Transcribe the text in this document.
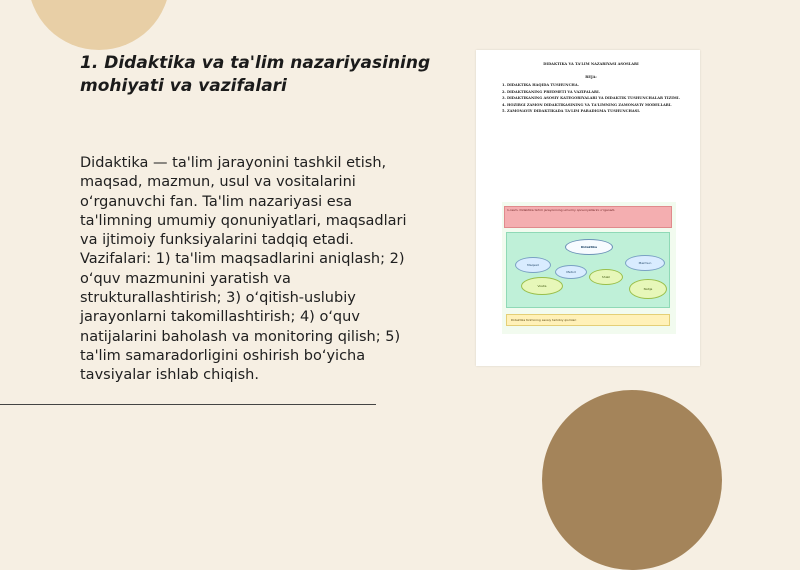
1. Didaktika va ta'lim nazariyasining mohiyati va vazifalari

Didaktika — ta'lim jarayonini tashkil etish, maqsad, mazmun, usul va vositalarini o‘rganuvchi fan. Ta'lim nazariyasi esa ta'limning umumiy qonuniyatlari, maqsadlari va ijtimoiy funksiyalarini tadqiq etadi. Vazifalari: 1) ta'lim maqsadlarini aniqlash; 2) o‘quv mazmunini yaratish va strukturallashtirish; 3) o‘qitish-uslubiy jarayonlarni takomillashtirish; 4) o‘quv natijalarini baholash va monitoring qilish; 5) ta'lim samaradorligini oshirish bo‘yicha tavsiyalar ishlab chiqish.

DIDAKTIKA VA TA'LIM NAZARIYASI ASOSLARI
REJA:
1. DIDAKTIKA HAQIDA TUSHUNCHA.
2. DIDAKTIKANING PREDMETI VA VAZIFALARI.
3. DIDAKTIKANING ASOSIY KATEGORIYALARI VA DIDAKTIK TUSHUNCHALAR TIZIMI.
4. HOZIRGI ZAMON DIDAKTIKASINING VA TA'LIMNING ZAMONAVIY MODELLARI.
5. ZAMONAVIY DIDAKTIKADA TA'LIM PARADIGMA TUSHUNCHASI.
1-rasm. Didaktika ta'lim jarayonining umumiy qonuniyatlarini o'rganadi.
Didaktika
Maqsad	Mazmun
Metod
Vosita
Shakl
Natija
Didaktika tizimining asosiy tarkibiy qismlari
